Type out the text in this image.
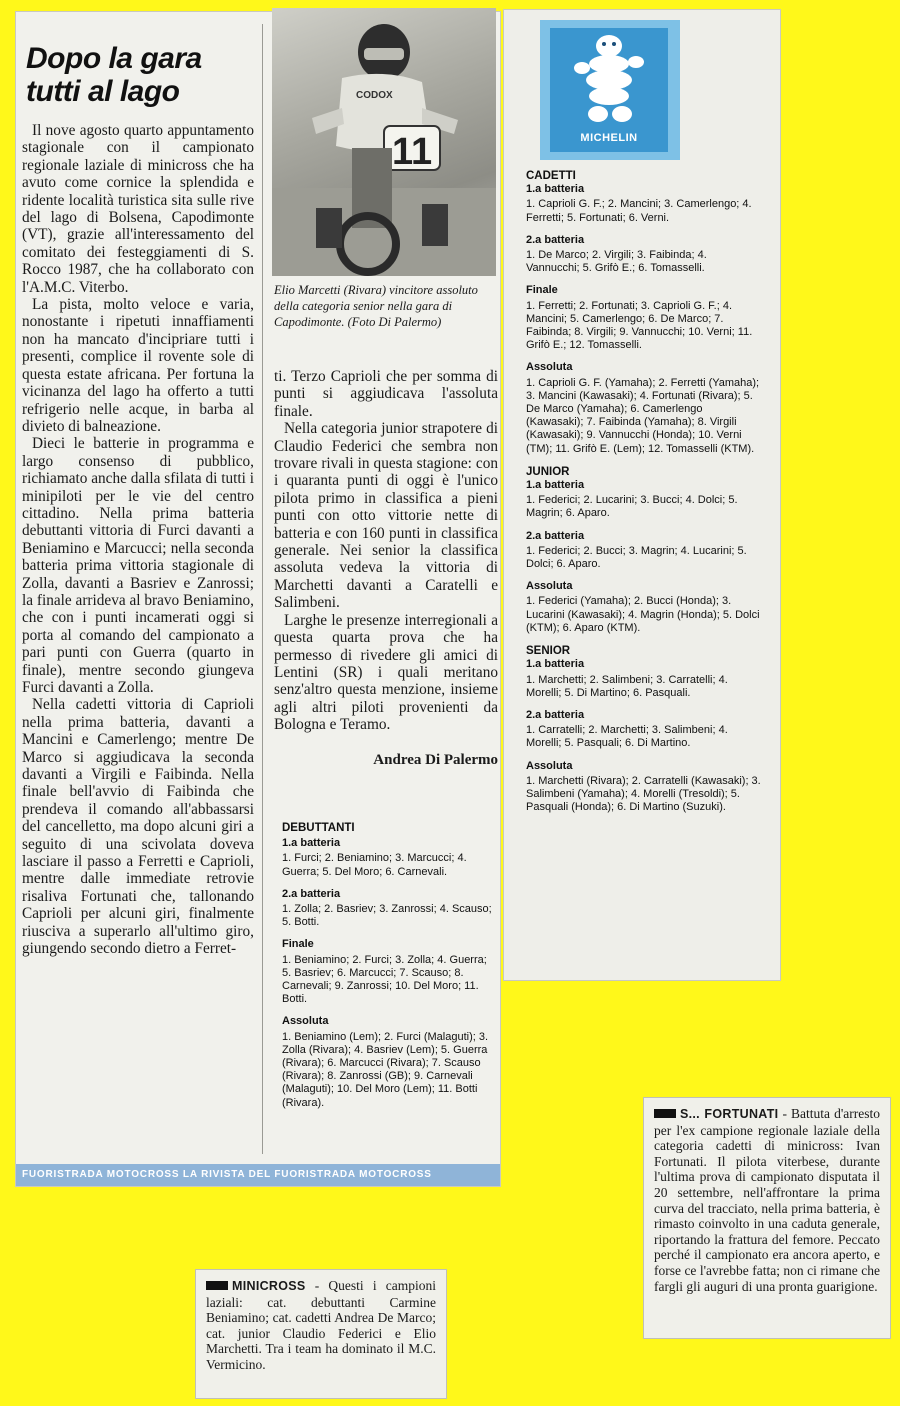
Dopo la gara
tutti al lago

Il nove agosto quarto appuntamento stagionale con il campionato regionale laziale di minicross che ha avuto come cornice la splendida e ridente località turistica sita sulle rive del lago di Bolsena, Capodimonte (VT), grazie all'interessamento del comitato dei festeggiamenti di S. Rocco 1987, che ha collaborato con l'A.M.C. Viterbo.

La pista, molto veloce e varia, nonostante i ripetuti innaffiamenti non ha mancato d'incipriare tutti i presenti, complice il rovente sole di questa estate africana. Per fortuna la vicinanza del lago ha offerto a tutti refrigerio nelle acque, in barba al divieto di balneazione.

Dieci le batterie in programma e largo consenso di pubblico, richiamato anche dalla sfilata di tutti i minipiloti per le vie del centro cittadino. Nella prima batteria debuttanti vittoria di Furci davanti a Beniamino e Marcucci; nella seconda batteria prima vittoria stagionale di Zolla, davanti a Basriev e Zanrossi; la finale arrideva al bravo Beniamino, che con i punti incamerati oggi si porta al comando del campionato a pari punti con Guerra (quarto in finale), mentre secondo giungeva Furci davanti a Zolla.

Nella cadetti vittoria di Caprioli nella prima batteria, davanti a Mancini e Camerlengo; mentre De Marco si aggiudicava la seconda davanti a Virgili e Faibinda. Nella finale bell'avvio di Faibinda che prendeva il comando all'abbassarsi del cancelletto, ma dopo alcuni giri a seguito di una scivolata doveva lasciare il passo a Ferretti e Caprioli, mentre dalle immediate retrovie risaliva Fortunati che, tallonando Caprioli per alcuni giri, finalmente riusciva a superarlo all'ultimo giro, giungendo secondo dietro a Ferret-

CODOX
11
Elio Marcetti (Rivara) vincitore assoluto della categoria senior nella gara di Capodimonte. (Foto Di Palermo)

ti. Terzo Caprioli che per somma di punti si aggiudicava l'assoluta finale.

Nella categoria junior strapotere di Claudio Federici che sembra non trovare rivali in questa stagione: con i quaranta punti di oggi è l'unico pilota primo in classifica a pieni punti con otto vittorie nette di batteria e con 160 punti in classifica generale. Nei senior la classifica assoluta vedeva la vittoria di Marchetti davanti a Caratelli e Salimbeni.

Larghe le presenze interregionali a questa quarta prova che ha permesso di rivedere gli amici di Lentini (SR) i quali meritano senz'altro questa menzione, insieme agli altri piloti provenienti da Bologna e Teramo.

Andrea Di Palermo
DEBUTTANTI
1.a batteria

1. Furci; 2. Beniamino; 3. Marcucci; 4. Guerra; 5. Del Moro; 6. Carnevali.

2.a batteria

1. Zolla; 2. Basriev; 3. Zanrossi; 4. Scauso; 5. Botti.

Finale

1. Beniamino; 2. Furci; 3. Zolla; 4. Guerra; 5. Basriev; 6. Marcucci; 7. Scauso; 8. Carnevali; 9. Zanrossi; 10. Del Moro; 11. Botti.

Assoluta

1. Beniamino (Lem); 2. Furci (Malaguti); 3. Zolla (Rivara); 4. Basriev (Lem); 5. Guerra (Rivara); 6. Marcucci (Rivara); 7. Scauso (Rivara); 8. Zanrossi (GB); 9. Carnevali (Malaguti); 10. Del Moro (Lem); 11. Botti (Rivara).

FUORISTRADA MOTOCROSS LA RIVISTA DEL FUORISTRADA MOTOCROSS
MICHELIN
CADETTI
1.a batteria

1. Caprioli G. F.; 2. Mancini; 3. Camerlengo; 4. Ferretti; 5. Fortunati; 6. Verni.

2.a batteria

1. De Marco; 2. Virgili; 3. Faibinda; 4. Vannucchi; 5. Grifò E.; 6. Tomasselli.

Finale

1. Ferretti; 2. Fortunati; 3. Caprioli G. F.; 4. Mancini; 5. Camerlengo; 6. De Marco; 7. Faibinda; 8. Virgili; 9. Vannucchi; 10. Verni; 11. Grifò E.; 12. Tomasselli.

Assoluta

1. Caprioli G. F. (Yamaha); 2. Ferretti (Yamaha); 3. Mancini (Kawasaki); 4. Fortunati (Rivara); 5. De Marco (Yamaha); 6. Camerlengo (Kawasaki); 7. Faibinda (Yamaha); 8. Virgili (Kawasaki); 9. Vannucchi (Honda); 10. Verni (TM); 11. Grifò E. (Lem); 12. Tomasselli (KTM).

JUNIOR
1.a batteria

1. Federici; 2. Lucarini; 3. Bucci; 4. Dolci; 5. Magrin; 6. Aparo.

2.a batteria

1. Federici; 2. Bucci; 3. Magrin; 4. Lucarini; 5. Dolci; 6. Aparo.

Assoluta

1. Federici (Yamaha); 2. Bucci (Honda); 3. Lucarini (Kawasaki); 4. Magrin (Honda); 5. Dolci (KTM); 6. Aparo (KTM).

SENIOR
1.a batteria

1. Marchetti; 2. Salimbeni; 3. Carratelli; 4. Morelli; 5. Di Martino; 6. Pasquali.

2.a batteria

1. Carratelli; 2. Marchetti; 3. Salimbeni; 4. Morelli; 5. Pasquali; 6. Di Martino.

Assoluta

1. Marchetti (Rivara); 2. Carratelli (Kawasaki); 3. Salimbeni (Yamaha); 4. Morelli (Tresoldi); 5. Pasquali (Honda); 6. Di Martino (Suzuki).

S... FORTUNATI - Battuta d'arresto per l'ex campione regionale laziale della categoria cadetti di minicross: Ivan Fortunati. Il pilota viterbese, durante l'ultima prova di campionato disputata il 20 settembre, nell'affrontare la prima curva del tracciato, nella prima batteria, è rimasto coinvolto in una caduta generale, riportando la frattura del femore. Peccato perché il campionato era ancora aperto, e forse ce l'avrebbe fatta; non ci rimane che fargli gli auguri di una pronta guarigione.
MINICROSS - Questi i campioni laziali: cat. debuttanti Carmine Beniamino; cat. cadetti Andrea De Marco; cat. junior Claudio Federici e Elio Marchetti. Tra i team ha dominato il M.C. Vermicino.
